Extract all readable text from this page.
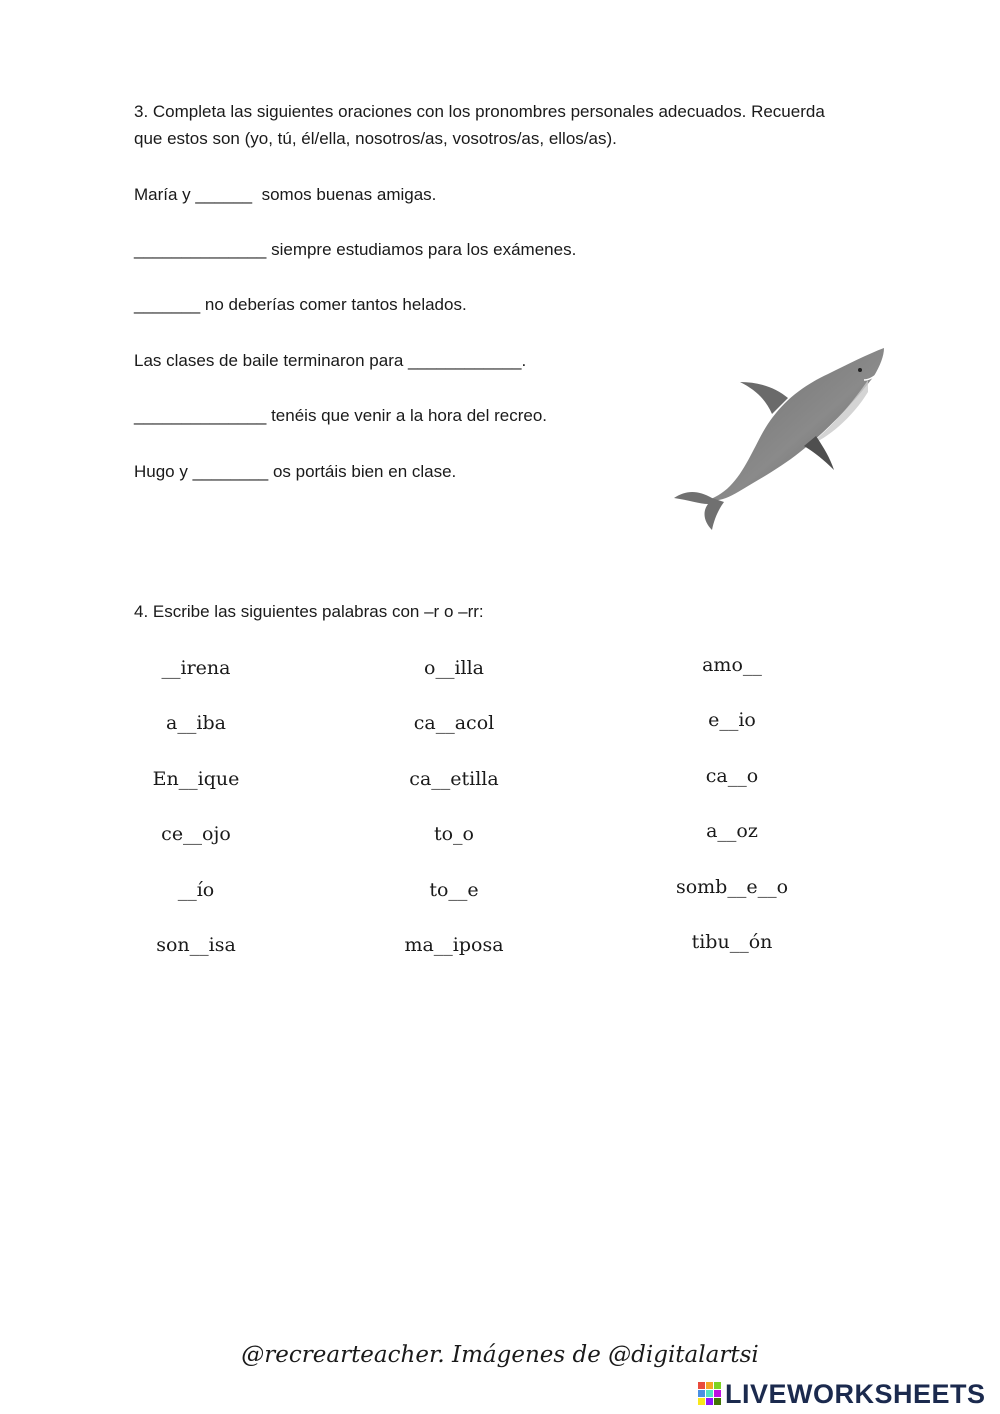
3. Completa las siguientes oraciones con los pronombres personales adecuados. Recuerda

que estos son (yo, tú, él/ella, nosotros/as, vosotros/as, ellos/as).

María y ______  somos buenas amigas.

______________ siempre estudiamos para los exámenes.

_______ no deberías comer tantos helados.

Las clases de baile terminaron para ____________.

______________ tenéis que venir a la hora del recreo.

Hugo y ________ os portáis bien en clase.

4. Escribe las siguientes palabras con –r o –rr:

__irena
a__iba
En__ique
ce__ojo
__ío
son__isa
o__illa
ca__acol
ca__etilla
to_o
to__e
ma__iposa
amo__
e__io
ca__o
a__oz
somb__e__o
tibu__ón
@recrearteacher. Imágenes de @digitalartsi
LIVEWORKSHEETS
